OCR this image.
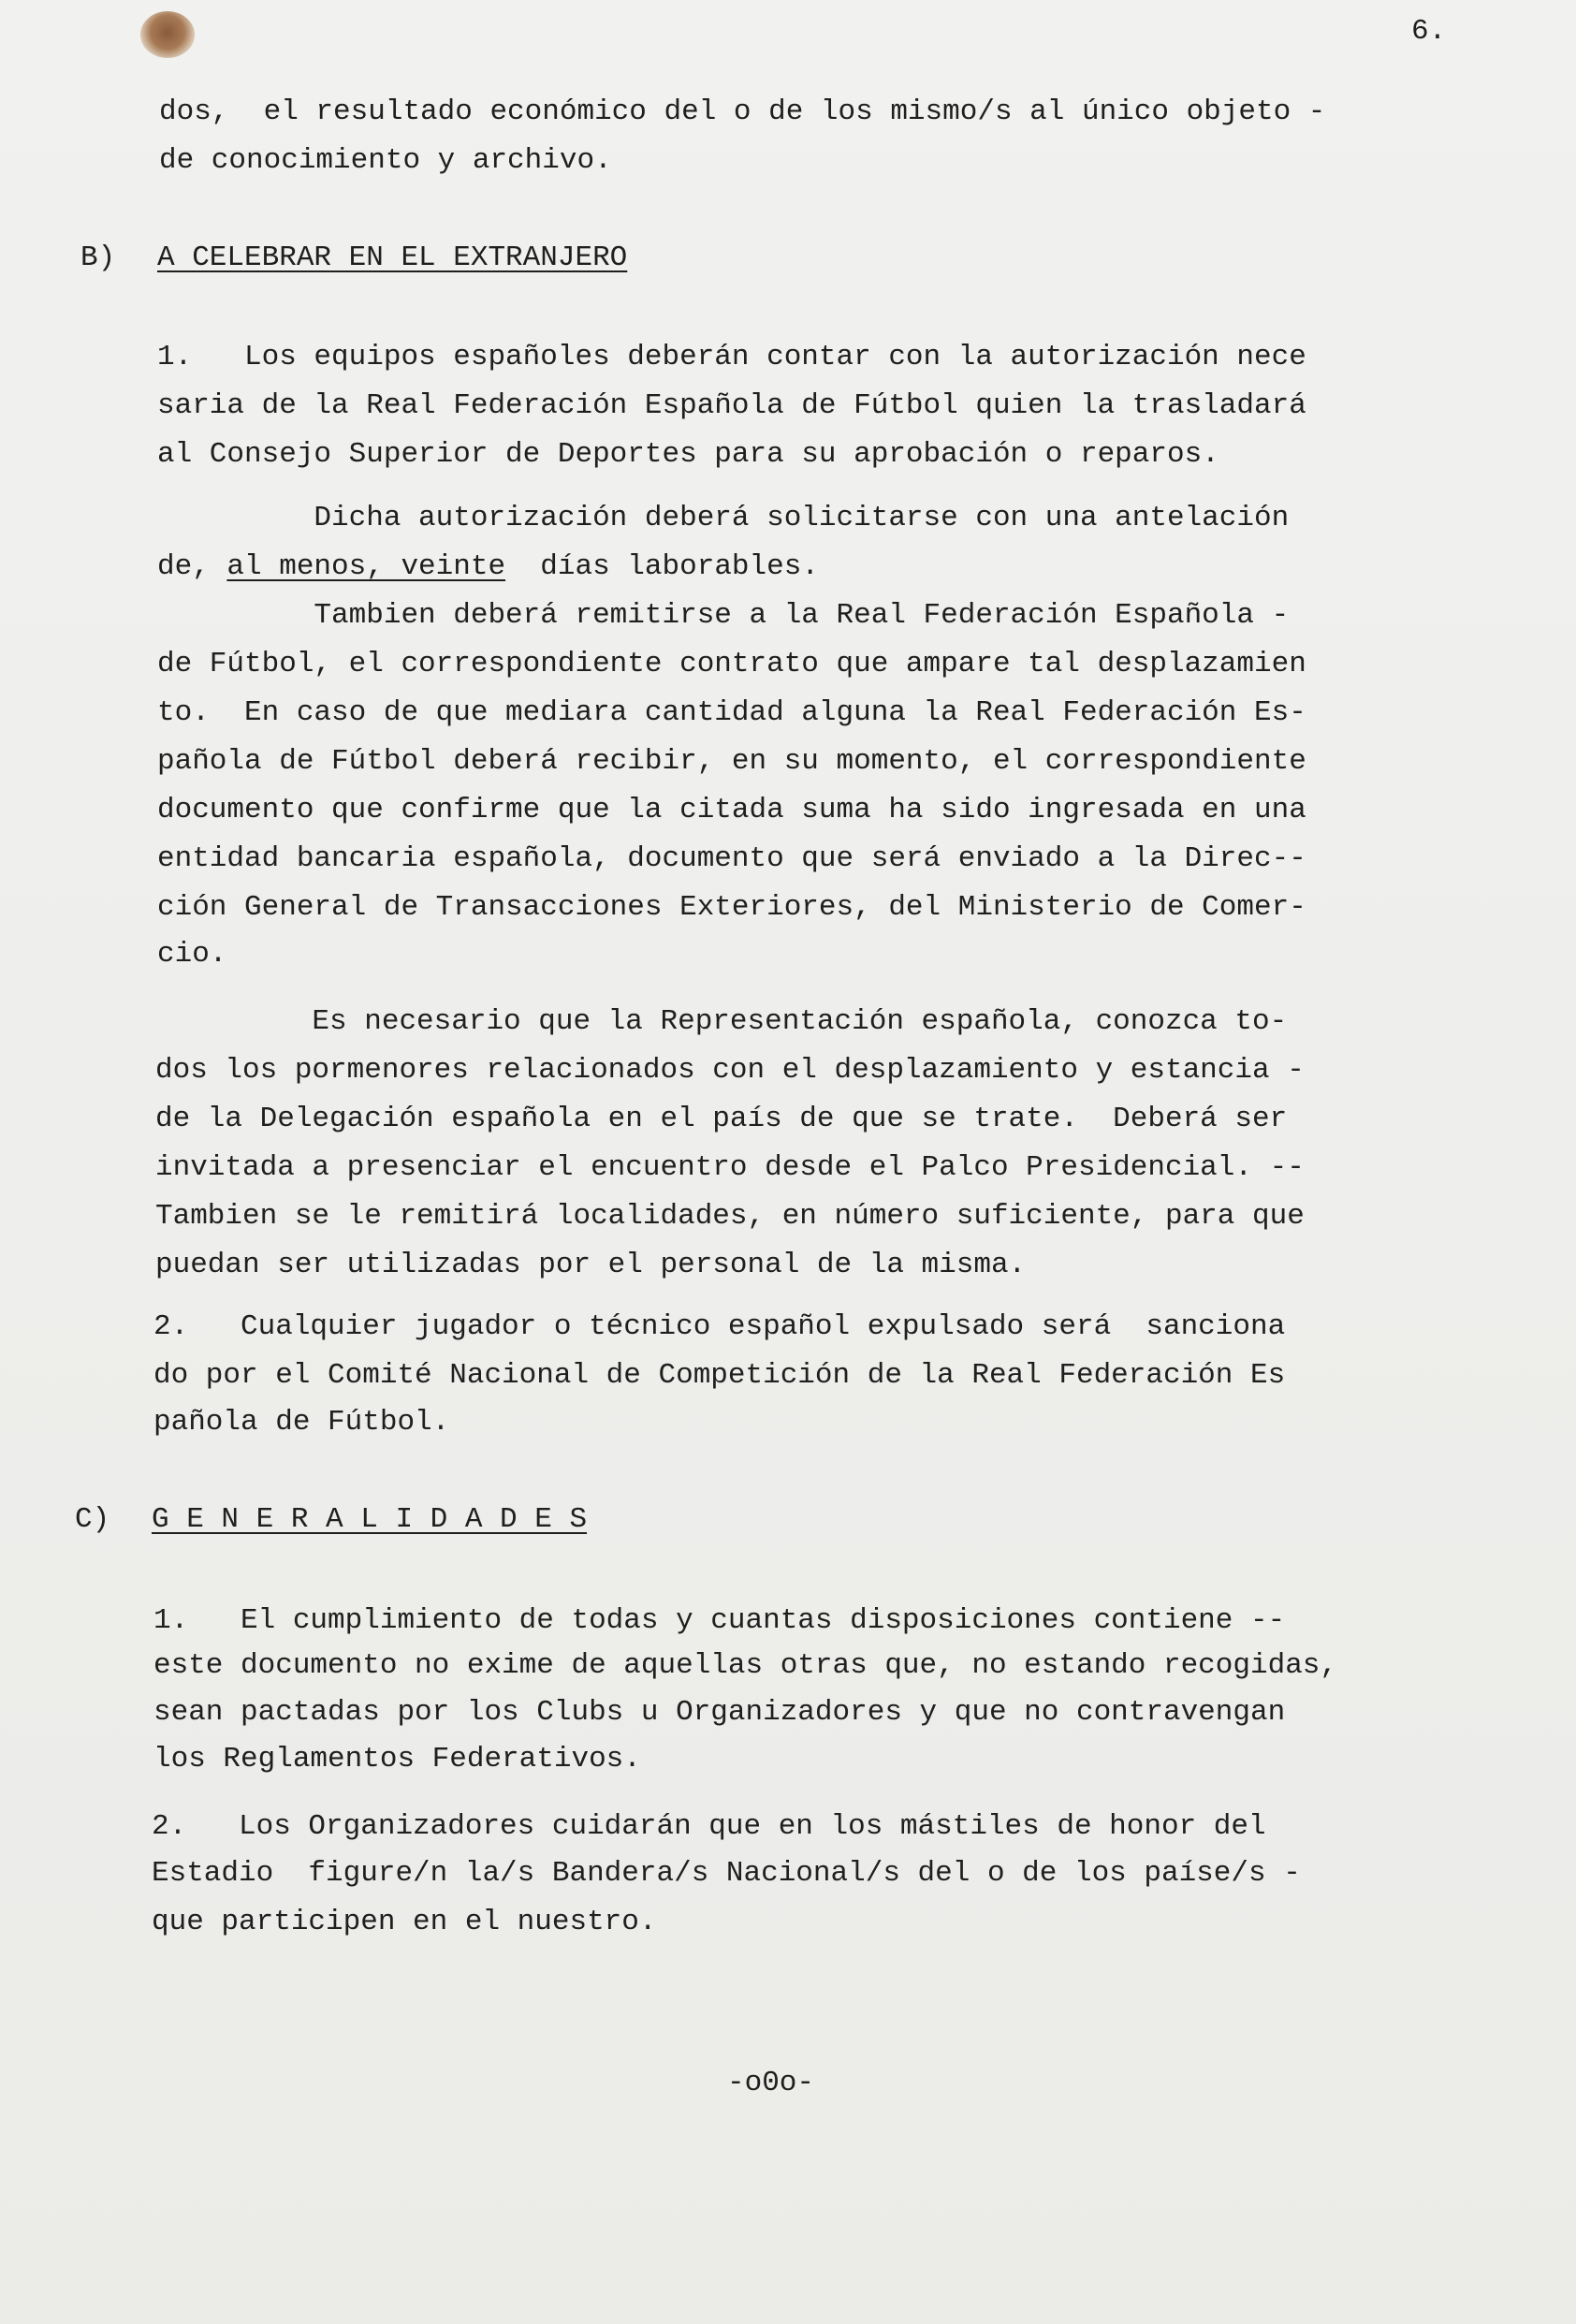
6.

dos,  el resultado económico del o de los mismo/s al único objeto -

de conocimiento y archivo.

B) A CELEBRAR EN EL EXTRANJERO

1.   Los equipos españoles deberán contar con la autorización nece

saria de la Real Federación Española de Fútbol quien la trasladará

al Consejo Superior de Deportes para su aprobación o reparos.

Dicha autorización deberá solicitarse con una antelación

de, al menos, veinte  días laborables.

Tambien deberá remitirse a la Real Federación Española -

de Fútbol, el correspondiente contrato que ampare tal desplazamien

to.  En caso de que mediara cantidad alguna la Real Federación Es-

pañola de Fútbol deberá recibir, en su momento, el correspondiente

documento que confirme que la citada suma ha sido ingresada en una

entidad bancaria española, documento que será enviado a la Direc--

ción General de Transacciones Exteriores, del Ministerio de Comer-

cio.

Es necesario que la Representación española, conozca to-

dos los pormenores relacionados con el desplazamiento y estancia -

de la Delegación española en el país de que se trate.  Deberá ser

invitada a presenciar el encuentro desde el Palco Presidencial. --

Tambien se le remitirá localidades, en número suficiente, para que

puedan ser utilizadas por el personal de la misma.

2.   Cualquier jugador o técnico español expulsado será  sanciona

do por el Comité Nacional de Competición de la Real Federación Es

pañola de Fútbol.

C) G E N E R A L I D A D E S

1.   El cumplimiento de todas y cuantas disposiciones contiene --

este documento no exime de aquellas otras que, no estando recogidas,

sean pactadas por los Clubs u Organizadores y que no contravengan

los Reglamentos Federativos.

2.   Los Organizadores cuidarán que en los mástiles de honor del

Estadio  figure/n la/s Bandera/s Nacional/s del o de los paíse/s -

que participen en el nuestro.

-o0o-
